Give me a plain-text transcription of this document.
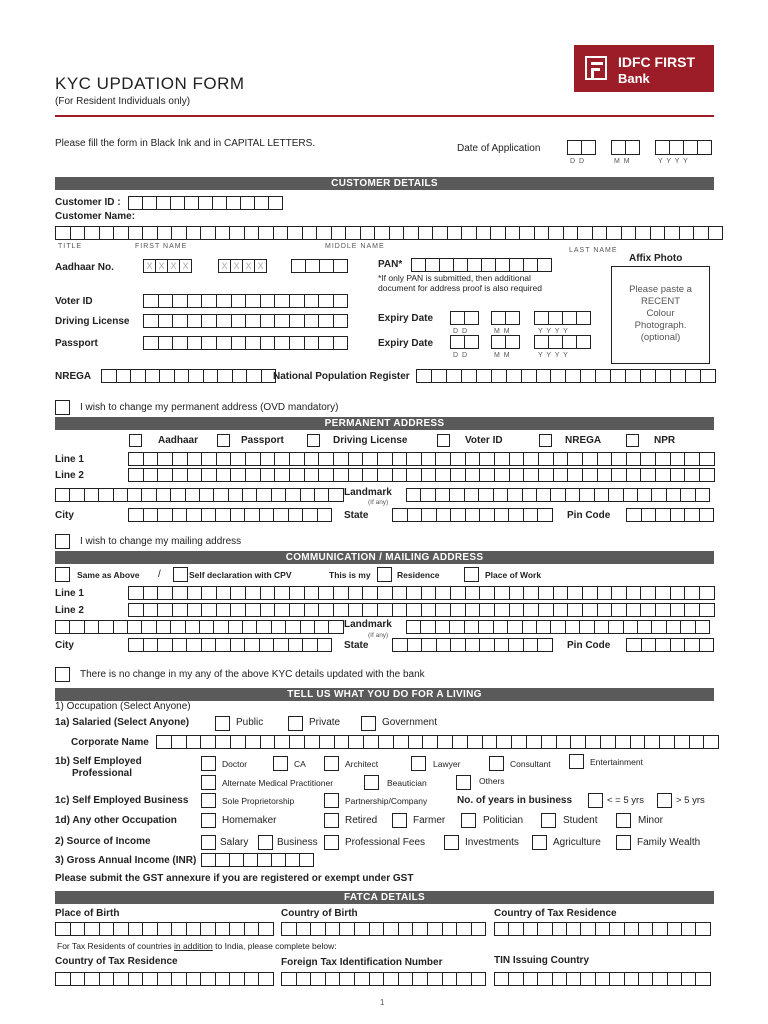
KYC UPDATION FORM
(For Resident Individuals only)
IDFC FIRST
Bank
Please fill the form in Black Ink and in CAPITAL LETTERS.	Date of Application
D D	M M	Y Y Y Y
CUSTOMER DETAILS
Customer ID :
Customer Name:
TITLE	FIRST NAME	MIDDLE NAME
LAST NAME
Aadhaar No.	X X X X	X X X X	PAN*
*If only PAN is submitted, then additional
document for address proof is also required
Affix Photo
Please paste a
RECENT
Colour
Photograph.
(optional)
Voter ID
Driving License	Expiry Date
D D	M M	Y Y Y Y
Passport	Expiry Date
D D	M M	Y Y Y Y
NREGA	National Population Register
I wish to change my permanent address (OVD mandatory)
PERMANENT ADDRESS
Aadhaar	Passport	Driving License	Voter ID	NREGA	NPR
Line 1
Line 2
Landmark
(If any)
City	State	Pin Code
I wish to change my mailing address
COMMUNICATION / MAILING ADDRESS
Same as Above /	Self declaration with CPV	This is my	Residence	Place of Work
Line 1
Line 2
Landmark
(If any)
City	State	Pin Code
There is no change in my any of the above KYC details updated with the bank
TELL US WHAT YOU DO FOR A LIVING
1) Occupation (Select Anyone)
1a) Salaried (Select Anyone)	Public	Private	Government
Corporate Name
1b) Self Employed
Professional
Doctor	CA	Architect	Lawyer	Consultant	Entertainment
Alternate Medical Practitioner	Beautician	Others
1c) Self Employed Business	Sole Proprietorship	Partnership/Company	No. of years in business	< = 5 yrs	> 5 yrs
1d) Any other Occupation	Homemaker	Retired	Farmer	Politician	Student	Minor
2) Source of Income	Salary	Business	Professional Fees	Investments	Agriculture	Family Wealth
3) Gross Annual Income (INR)
Please submit the GST annexure if you are registered or exempt under GST
FATCA DETAILS
Place of Birth	Country of Birth	Country of Tax Residence
For Tax Residents of countries in addition to India, please complete below:
Country of Tax Residence	Foreign Tax Identification Number	TIN Issuing Country
1
